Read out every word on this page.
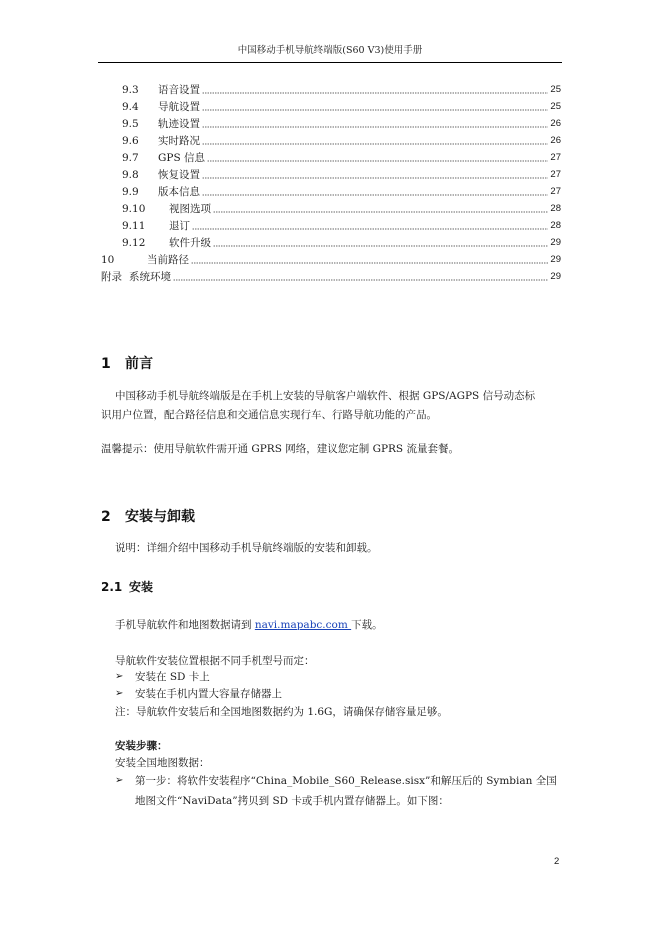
中国移动手机导航终端版(S60 V3)使用手册
9.3	语音设置	25
9.4	导航设置	25
9.5	轨迹设置	26
9.6	实时路况	26
9.7	GPS 信息	27
9.8	恢复设置	27
9.9	版本信息	27
9.10	视图选项	28
9.11	退订	28
9.12	软件升级	29
10	当前路径	29
附录 系统环境	29
1 前言
中国移动手机导航终端版是在手机上安装的导航客户端软件、根据 GPS/AGPS 信号动态标
识用户位置，配合路径信息和交通信息实现行车、行路导航功能的产品。
温馨提示：使用导航软件需开通 GPRS 网络，建议您定制 GPRS 流量套餐。
2 安装与卸载
说明：详细介绍中国移动手机导航终端版的安装和卸载。
2.1 安装
手机导航软件和地图数据请到 navi.mapabc.com 下载。
导航软件安装位置根据不同手机型号而定：
➢	安装在 SD 卡上
➢	安装在手机内置大容量存储器上
注：导航软件安装后和全国地图数据约为 1.6G，请确保存储容量足够。
安装步骤：
安装全国地图数据：
➢	第一步：将软件安装程序“China_Mobile_S60_Release.sisx”和解压后的 Symbian 全国
地图文件“NaviData”拷贝到 SD 卡或手机内置存储器上。如下图：
2
